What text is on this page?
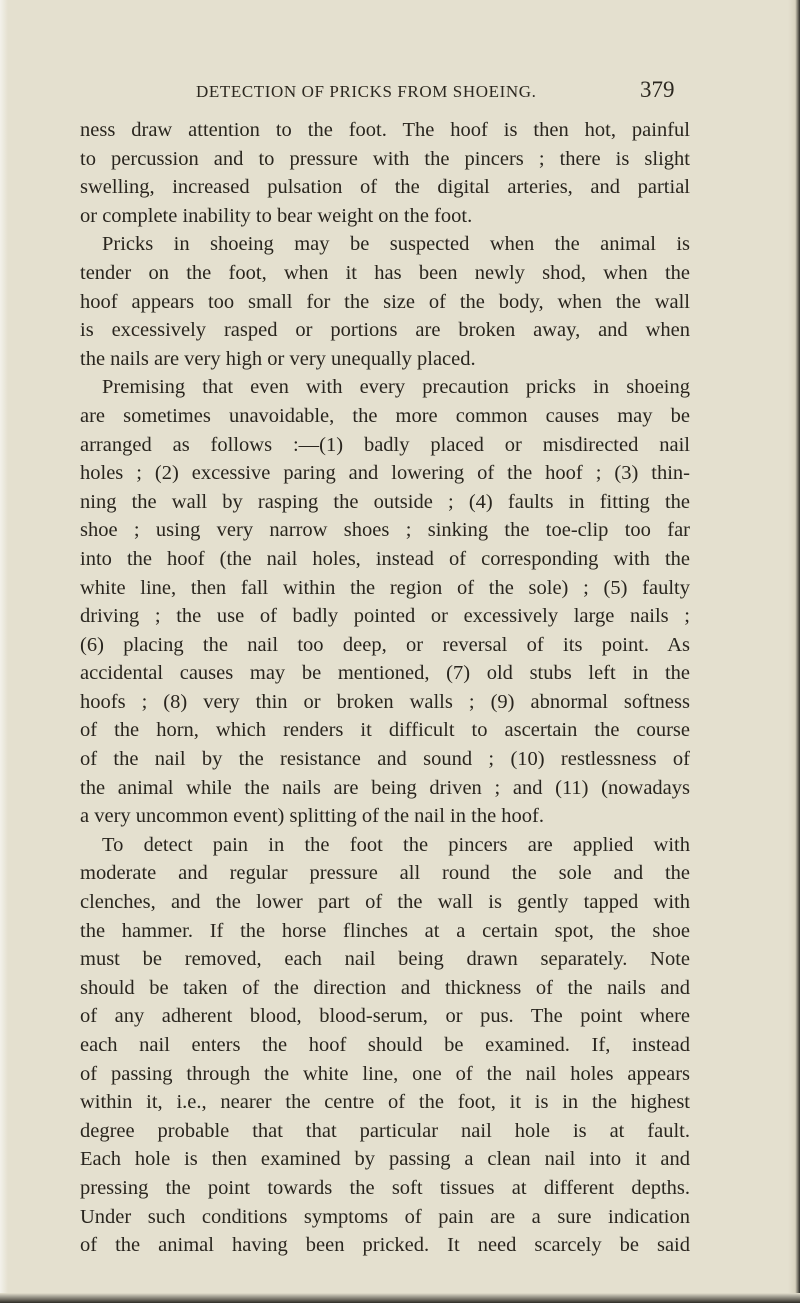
DETECTION OF PRICKS FROM SHOEING.	379
ness draw attention to the foot. The hoof is then hot, painful
to percussion and to pressure with the pincers ; there is slight
swelling, increased pulsation of the digital arteries, and partial
or complete inability to bear weight on the foot.
Pricks in shoeing may be suspected when the animal is
tender on the foot, when it has been newly shod, when the
hoof appears too small for the size of the body, when the wall
is excessively rasped or portions are broken away, and when
the nails are very high or very unequally placed.
Premising that even with every precaution pricks in shoeing
are sometimes unavoidable, the more common causes may be
arranged as follows :—(1) badly placed or misdirected nail
holes ; (2) excessive paring and lowering of the hoof ; (3) thin-
ning the wall by rasping the outside ; (4) faults in fitting the
shoe ; using very narrow shoes ; sinking the toe-clip too far
into the hoof (the nail holes, instead of corresponding with the
white line, then fall within the region of the sole) ; (5) faulty
driving ; the use of badly pointed or excessively large nails ;
(6) placing the nail too deep, or reversal of its point. As
accidental causes may be mentioned, (7) old stubs left in the
hoofs ; (8) very thin or broken walls ; (9) abnormal softness
of the horn, which renders it difficult to ascertain the course
of the nail by the resistance and sound ; (10) restlessness of
the animal while the nails are being driven ; and (11) (nowadays
a very uncommon event) splitting of the nail in the hoof.
To detect pain in the foot the pincers are applied with
moderate and regular pressure all round the sole and the
clenches, and the lower part of the wall is gently tapped with
the hammer. If the horse flinches at a certain spot, the shoe
must be removed, each nail being drawn separately. Note
should be taken of the direction and thickness of the nails and
of any adherent blood, blood-serum, or pus. The point where
each nail enters the hoof should be examined. If, instead
of passing through the white line, one of the nail holes appears
within it, i.e., nearer the centre of the foot, it is in the highest
degree probable that that particular nail hole is at fault.
Each hole is then examined by passing a clean nail into it and
pressing the point towards the soft tissues at different depths.
Under such conditions symptoms of pain are a sure indication
of the animal having been pricked. It need scarcely be said
